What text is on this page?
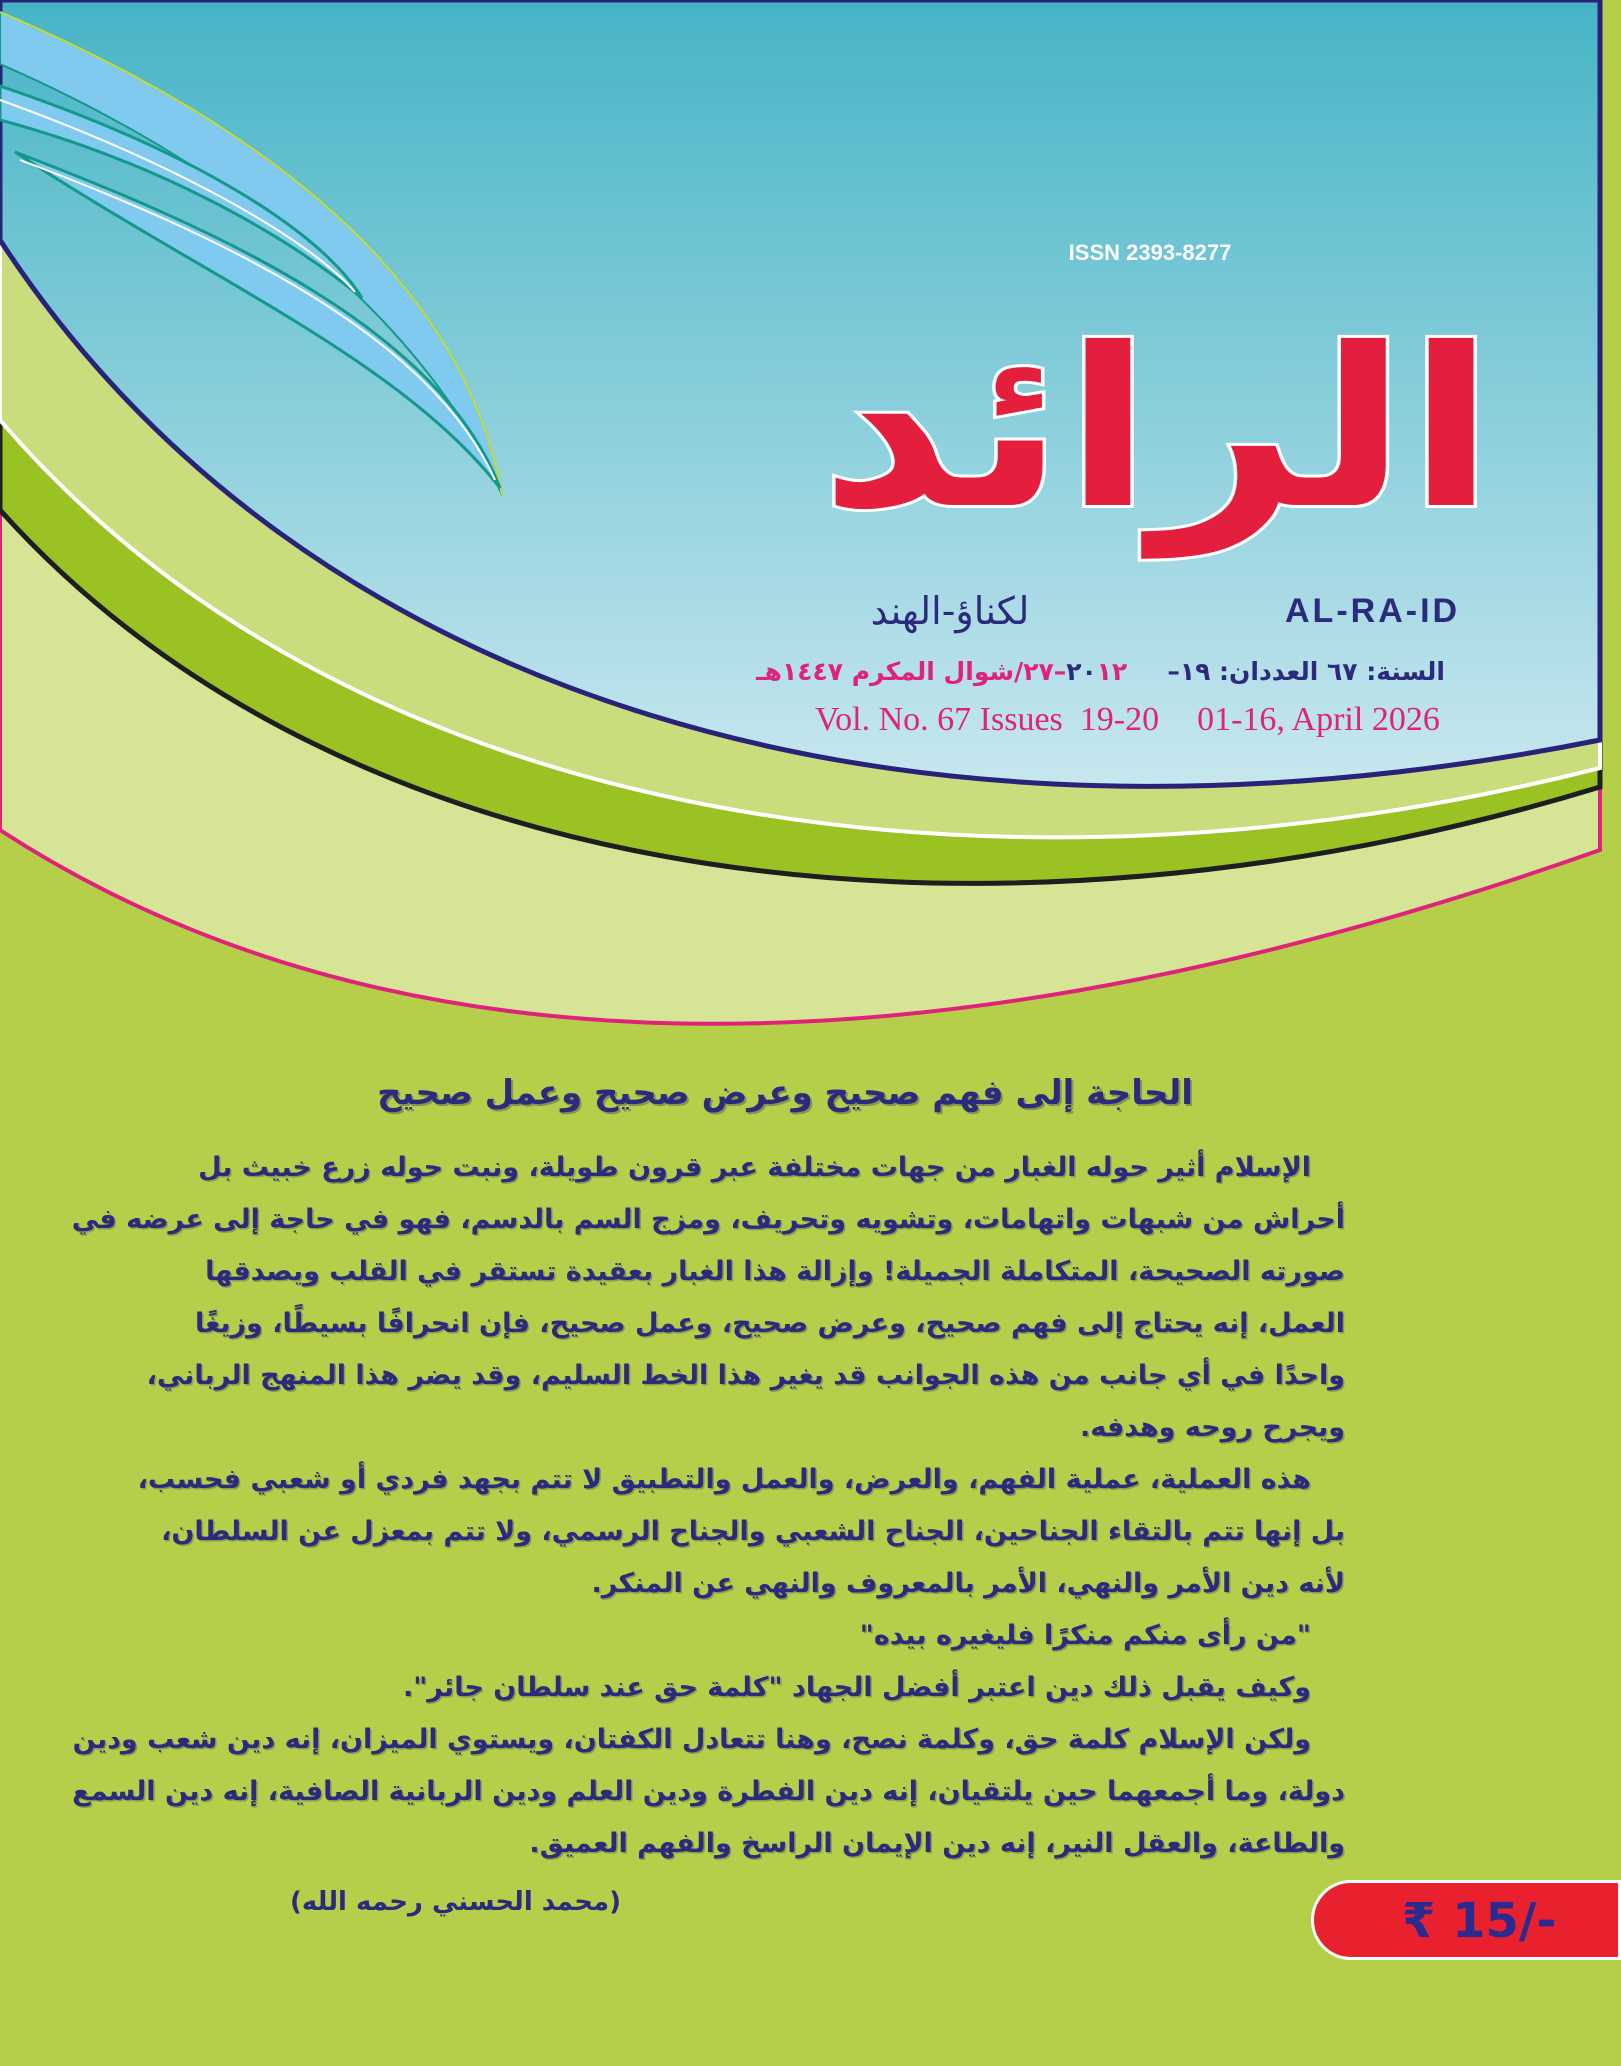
ISSN 2393-8277
الرائد
لكناؤ-الهند	AL-RA-ID
السنة: ٦٧ العددان: ١٩–٢٠١٢–٢٧/شوال المكرم ١٤٤٧هـ
Vol. No. 67 Issues  19-20 01-16, April 2026
الحاجة إلى فهم صحيح وعرض صحيح وعمل صحيح
الإسلام أثير حوله الغبار من جهات مختلفة عبر قرون طويلة، ونبت حوله زرع خبيث بل
أحراش من شبهات واتهامات، وتشويه وتحريف، ومزج السم بالدسم، فهو في حاجة إلى عرضه في
صورته الصحيحة، المتكاملة الجميلة! وإزالة هذا الغبار بعقيدة تستقر في القلب ويصدقها
العمل، إنه يحتاج إلى فهم صحيح، وعرض صحيح، وعمل صحيح، فإن انحرافًا بسيطًا، وزيغًا
واحدًا في أي جانب من هذه الجوانب قد يغير هذا الخط السليم، وقد يضر هذا المنهج الرباني،
ويجرح روحه وهدفه.
هذه العملية، عملية الفهم، والعرض، والعمل والتطبيق لا تتم بجهد فردي أو شعبي فحسب،
بل إنها تتم بالتقاء الجناحين، الجناح الشعبي والجناح الرسمي، ولا تتم بمعزل عن السلطان،
لأنه دين الأمر والنهي، الأمر بالمعروف والنهي عن المنكر.
"من رأى منكم منكرًا فليغيره بيده"
وكيف يقبل ذلك دين اعتبر أفضل الجهاد "كلمة حق عند سلطان جائر".
ولكن الإسلام كلمة حق، وكلمة نصح، وهنا تتعادل الكفتان، ويستوي الميزان، إنه دين شعب ودين
دولة، وما أجمعهما حين يلتقيان، إنه دين الفطرة ودين العلم ودين الربانية الصافية، إنه دين السمع
والطاعة، والعقل النير، إنه دين الإيمان الراسخ والفهم العميق.
(محمد الحسني رحمه الله)	₹ 15/-
